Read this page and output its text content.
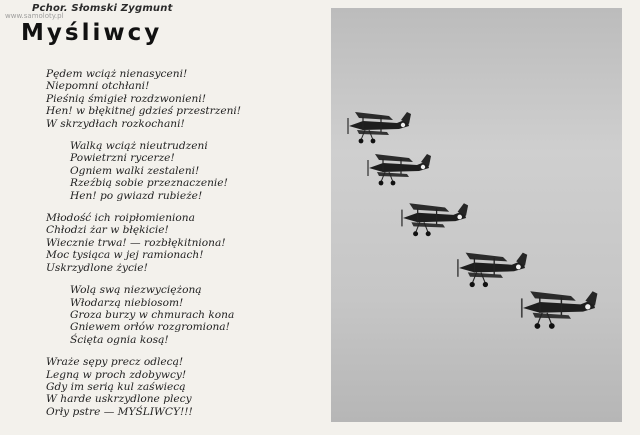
Pchor. Słomski Zygmunt
www.samoloty.pl
Myśliwcy
Pędem wciąż nienasyceni!
Niepomni otchłani!
Pieśnią śmigieł rozdzwonieni!
Hen! w błękitnej gdzieś przestrzeni!
W skrzydłach rozkochani!
Walką wciąż nieutrudzeni
Powietrzni rycerze!
Ogniem walki zestaleni!
Rzeźbią sobie przeznaczenie!
Hen! po gwiazd rubieże!
Młodość ich roipłomieniona
Chłodzi żar w błękicie!
Wiecznie trwa! — rozbłękitniona!
Moc tysiąca w jej ramionach!
Uskrzydlone życie!
Wolą swą niezwyciężoną
Włodarzą niebiosom!
Groza burzy w chmurach kona
Gniewem orłów rozgromiona!
Ścięta ognia kosą!
Wraże sępy precz odlecą!
Legną w proch zdobywcy!
Gdy im serią kul zaświecą
W harde uskrzydlone plecy
Orły pstre — MYŚLIWCY!!!
